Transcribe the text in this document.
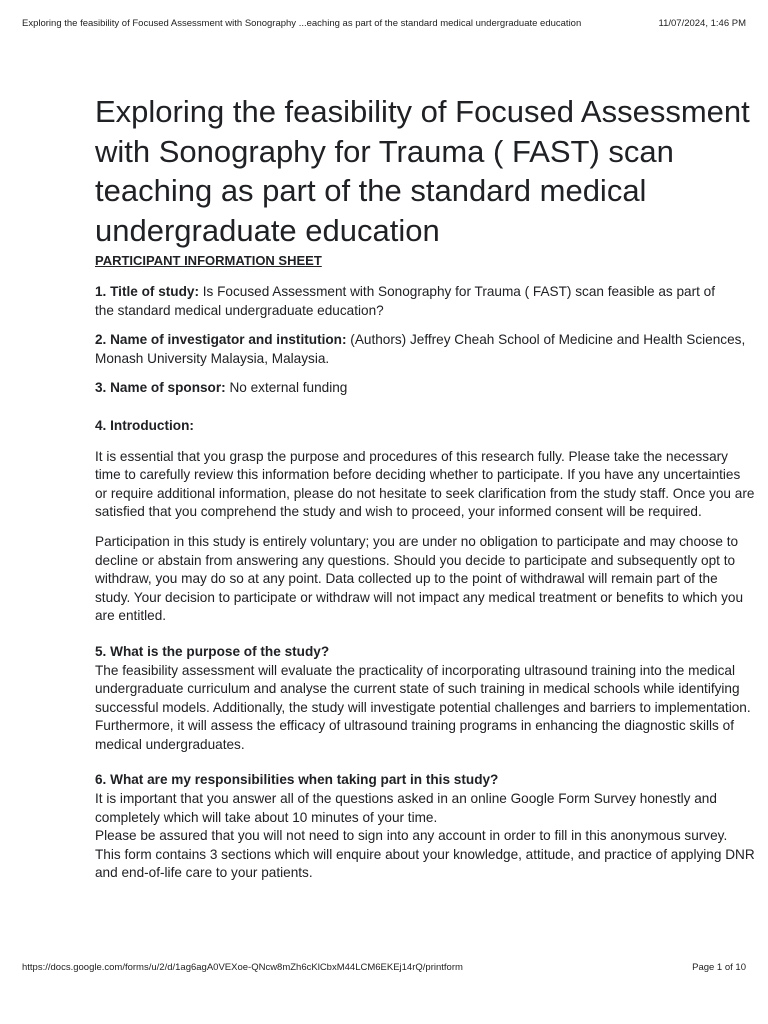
Exploring the feasibility of Focused Assessment with Sonography ...eaching as part of the standard medical undergraduate education	11/07/2024, 1:46 PM
Exploring the feasibility of Focused Assessment with Sonography for Trauma ( FAST) scan teaching as part of the standard medical undergraduate education
PARTICIPANT INFORMATION SHEET

1. Title of study: Is Focused Assessment with Sonography for Trauma ( FAST) scan feasible as part of

the standard medical undergraduate education?

2. Name of investigator and institution: (Authors) Jeffrey Cheah School of Medicine and Health Sciences, Monash University Malaysia, Malaysia.

3. Name of sponsor: No external funding

4. Introduction:

It is essential that you grasp the purpose and procedures of this research fully. Please take the necessary time to carefully review this information before deciding whether to participate. If you have any uncertainties or require additional information, please do not hesitate to seek clarification from the study staff. Once you are satisfied that you comprehend the study and wish to proceed, your informed consent will be required.

Participation in this study is entirely voluntary; you are under no obligation to participate and may choose to decline or abstain from answering any questions. Should you decide to participate and subsequently opt to withdraw, you may do so at any point. Data collected up to the point of withdrawal will remain part of the study. Your decision to participate or withdraw will not impact any medical treatment or benefits to which you are entitled.

5. What is the purpose of the study?

The feasibility assessment will evaluate the practicality of incorporating ultrasound training into the medical undergraduate curriculum and analyse the current state of such training in medical schools while identifying successful models. Additionally, the study will investigate potential challenges and barriers to implementation. Furthermore, it will assess the efficacy of ultrasound training programs in enhancing the diagnostic skills of medical undergraduates.

6. What are my responsibilities when taking part in this study?

It is important that you answer all of the questions asked in an online Google Form Survey honestly and completely which will take about 10 minutes of your time.

Please be assured that you will not need to sign into any account in order to fill in this anonymous survey. This form contains 3 sections which will enquire about your knowledge, attitude, and practice of applying DNR and end-of-life care to your patients.

https://docs.google.com/forms/u/2/d/1ag6agA0VEXoe-QNcw8mZh6cKlCbxM44LCM6EKEj14rQ/printform	Page 1 of 10
